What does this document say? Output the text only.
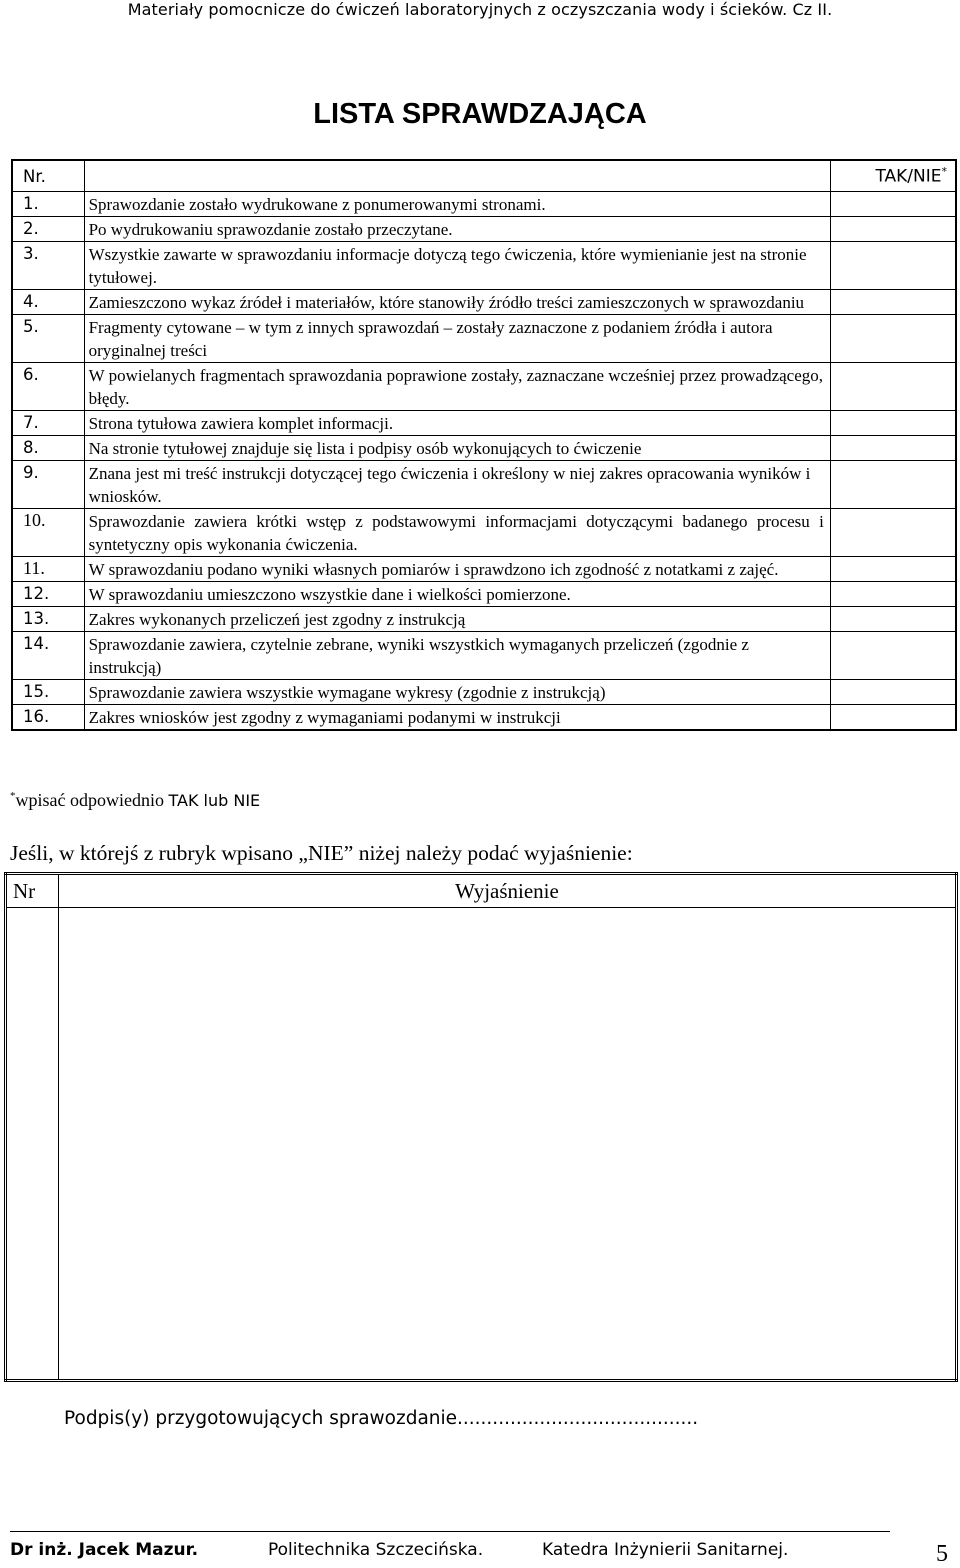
Materiały pomocnicze do ćwiczeń laboratoryjnych z oczyszczania wody i ścieków. Cz II.
LISTA SPRAWDZAJĄCA
Nr.		TAK/NIE*
1.	Sprawozdanie zostało wydrukowane z ponumerowanymi stronami.	
2.	Po wydrukowaniu sprawozdanie zostało przeczytane.	
3.	Wszystkie zawarte w sprawozdaniu informacje dotyczą tego ćwiczenia, które wymienianie jest na stronie tytułowej.	
4.	Zamieszczono wykaz źródeł i materiałów, które stanowiły źródło treści zamieszczonych w sprawozdaniu	
5.	Fragmenty cytowane – w tym z innych sprawozdań – zostały zaznaczone z podaniem źródła i autora oryginalnej treści	
6.	W powielanych fragmentach sprawozdania poprawione zostały, zaznaczane wcześniej przez prowadzącego, błędy.	
7.	Strona tytułowa zawiera komplet informacji.	
8.	Na stronie tytułowej znajduje się lista i podpisy osób wykonujących to ćwiczenie	
9.	Znana jest mi treść instrukcji dotyczącej tego ćwiczenia i określony w niej zakres opracowania wyników i wniosków.	
10.	Sprawozdanie zawiera krótki wstęp z podstawowymi informacjami dotyczącymi badanego procesu i syntetyczny opis wykonania ćwiczenia.	
11.	W sprawozdaniu podano wyniki własnych pomiarów i sprawdzono ich zgodność z notatkami z zajęć.	
12.	W sprawozdaniu umieszczono wszystkie dane i wielkości pomierzone.	
13.	Zakres wykonanych przeliczeń jest zgodny z instrukcją	
14.	Sprawozdanie zawiera, czytelnie zebrane, wyniki wszystkich wymaganych przeliczeń (zgodnie z instrukcją)	
15.	Sprawozdanie zawiera wszystkie wymagane wykresy (zgodnie z instrukcją)	
16.	Zakres wniosków jest zgodny z wymaganiami podanymi w instrukcji	
*wpisać odpowiednio TAK lub NIE
Jeśli, w którejś z rubryk wpisano „NIE” niżej należy podać wyjaśnienie:
Nr	Wyjaśnienie

Podpis(y) przygotowujących sprawozdanie.........................................
Dr inż. Jacek Mazur.	Politechnika Szczecińska.	Katedra Inżynierii Sanitarnej.	5
